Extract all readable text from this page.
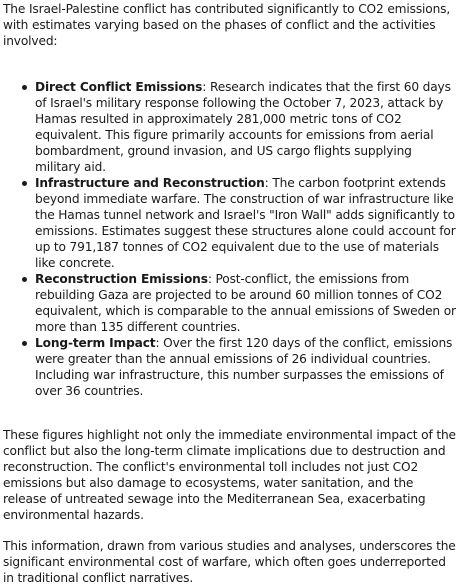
The Israel-Palestine conflict has contributed significantly to CO2 emissions, with estimates varying based on the phases of conflict and the activities involved:

Direct Conflict Emissions: Research indicates that the first 60 days of Israel's military response following the October 7, 2023, attack by Hamas resulted in approximately 281,000 metric tons of CO2 equivalent. This figure primarily accounts for emissions from aerial bombardment, ground invasion, and US cargo flights supplying military aid.
Infrastructure and Reconstruction: The carbon footprint extends beyond immediate warfare. The construction of war infrastructure like the Hamas tunnel network and Israel's "Iron Wall" adds significantly to emissions. Estimates suggest these structures alone could account for up to 791,187 tonnes of CO2 equivalent due to the use of materials like concrete.
Reconstruction Emissions: Post-conflict, the emissions from rebuilding Gaza are projected to be around 60 million tonnes of CO2 equivalent, which is comparable to the annual emissions of Sweden or more than 135 different countries.
Long-term Impact: Over the first 120 days of the conflict, emissions were greater than the annual emissions of 26 individual countries. Including war infrastructure, this number surpasses the emissions of over 36 countries.

These figures highlight not only the immediate environmental impact of the conflict but also the long-term climate implications due to destruction and reconstruction. The conflict's environmental toll includes not just CO2 emissions but also damage to ecosystems, water sanitation, and the release of untreated sewage into the Mediterranean Sea, exacerbating environmental hazards.

This information, drawn from various studies and analyses, underscores the significant environmental cost of warfare, which often goes underreported in traditional conflict narratives.
